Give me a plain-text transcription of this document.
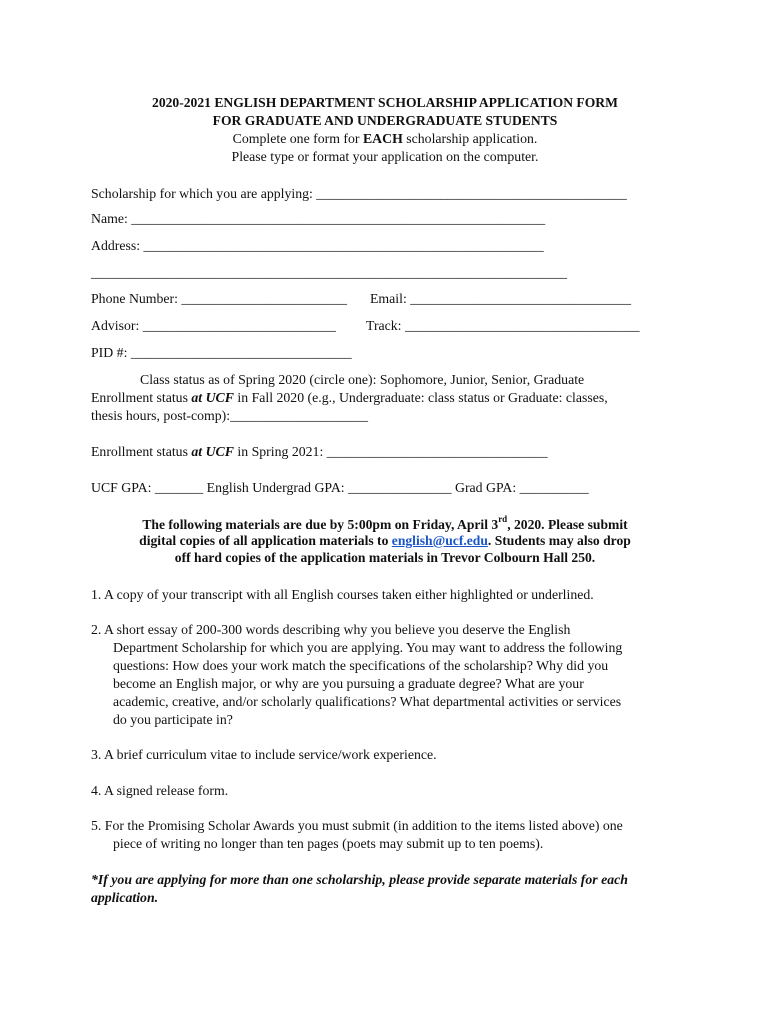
2020-2021 ENGLISH DEPARTMENT SCHOLARSHIP APPLICATION FORM
FOR GRADUATE AND UNDERGRADUATE STUDENTS
Complete one form for EACH scholarship application.
Please type or format your application on the computer.
Scholarship for which you are applying: _____________________________________________
Name: ____________________________________________________________
Address: __________________________________________________________
_____________________________________________________________________
Phone Number: ________________________ Email: ________________________________
Advisor: ____________________________ Track: __________________________________
PID #: ________________________________
Class status as of Spring 2020 (circle one): Sophomore, Junior, Senior, Graduate
Enrollment status at UCF in Fall 2020 (e.g., Undergraduate: class status or Graduate: classes,
thesis hours, post-comp):____________________
Enrollment status at UCF in Spring 2021: ________________________________
UCF GPA: _______ English Undergrad GPA: _______________ Grad GPA: __________
The following materials are due by 5:00pm on Friday, April 3rd, 2020. Please submit
digital copies of all application materials to english@ucf.edu. Students may also drop
off hard copies of the application materials in Trevor Colbourn Hall 250.
1. A copy of your transcript with all English courses taken either highlighted or underlined.
2. A short essay of 200-300 words describing why you believe you deserve the English
Department Scholarship for which you are applying. You may want to address the following
questions: How does your work match the specifications of the scholarship? Why did you
become an English major, or why are you pursuing a graduate degree? What are your
academic, creative, and/or scholarly qualifications? What departmental activities or services
do you participate in?
3. A brief curriculum vitae to include service/work experience.
4. A signed release form.
5. For the Promising Scholar Awards you must submit (in addition to the items listed above) one
piece of writing no longer than ten pages (poets may submit up to ten poems).
*If you are applying for more than one scholarship, please provide separate materials for each
application.
